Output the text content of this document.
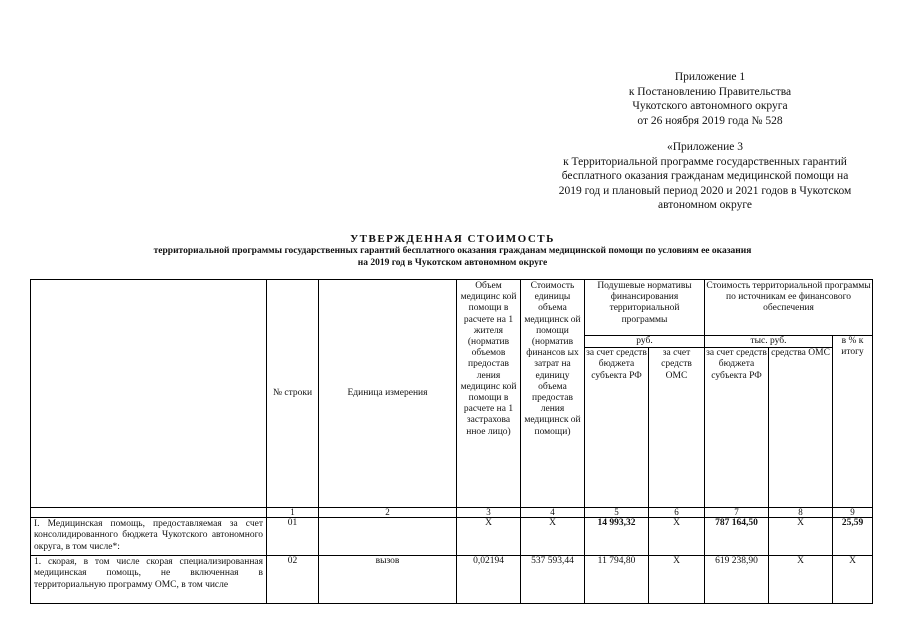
Приложение 1
к Постановлению Правительства
Чукотского автономного округа
от 26 ноября 2019 года № 528
«Приложение 3
к Территориальной программе государственных гарантий
бесплатного оказания гражданам медицинской помощи на
2019 год и плановый период 2020 и 2021 годов в Чукотском
автономном округе
УТВЕРЖДЕННАЯ СТОИМОСТЬ
территориальной программы государственных гарантий бесплатного оказания гражданам медицинской помощи по условиям ее оказания
на 2019 год в Чукотском автономном округе
	№ строки	Единица измерения	Объем медицинс кой помощи в расчете на 1 жителя (норматив объемов предостав ления медицинс кой помощи в расчете на 1 застрахова нное лицо)	Стоимость единицы объема медицинск ой помощи (норматив финансов ых затрат на единицу объема предостав ления медицинск ой помощи)	Подушевые нормативы финансирования территориальной программы		Стоимость территориальной программы по источникам ее финансового обеспечения		
					руб.		тыс. руб.		в % к итогу
					за счет средств бюджета субъекта РФ	за счет средств ОМС	за счет средств бюджета субъекта РФ	средства ОМС	
	1	2	3	4	5	6	7	8	9
I. Медицинская помощь, предоставляемая за счет консолидированного бюджета Чукотского автономного округа, в том числе*:	01		X	X	14 993,32	X	787 164,50	X	25,59
1. скорая, в том числе скорая специализированная медицинская помощь, не включенная в территориальную программу ОМС, в том числе	02	вызов	0,02194	537 593,44	11 794,80	X	619 238,90	X	X
